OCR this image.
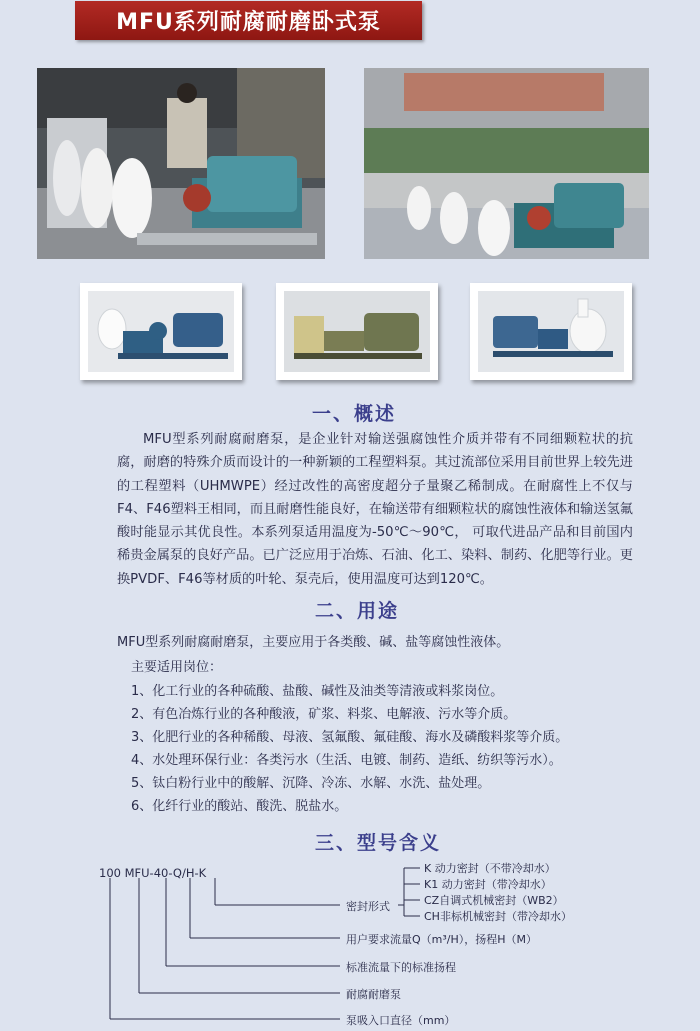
MFU系列耐腐耐磨卧式泵
一、概述

MFU型系列耐腐耐磨泵，是企业针对输送强腐蚀性介质并带有不同细颗粒状的抗腐，耐磨的特殊介质而设计的一种新颖的工程塑料泵。其过流部位采用目前世界上较先进的工程塑料（UHMWPE）经过改性的高密度超分子量聚乙稀制成。在耐腐性上不仅与F4、F46塑料王相同，而且耐磨性能良好，在输送带有细颗粒状的腐蚀性液体和输送氢氟酸时能显示其优良性。本系列泵适用温度为-50℃～90℃， 可取代进品产品和目前国内稀贵金属泵的良好产品。已广泛应用于冶炼、石油、化工、染料、制药、化肥等行业。更换PVDF、F46等材质的叶轮、泵壳后，使用温度可达到120℃。

二、用途
MFU型系列耐腐耐磨泵，主要应用于各类酸、碱、盐等腐蚀性液体。
主要适用岗位：
1、化工行业的各种硫酸、盐酸、碱性及油类等清液或料浆岗位。
2、有色冶炼行业的各种酸液，矿浆、料浆、电解液、污水等介质。
3、化肥行业的各种稀酸、母液、氢氟酸、氟硅酸、海水及磷酸料浆等介质。
4、水处理环保行业：各类污水（生活、电镀、制药、造纸、纺织等污水）。
5、钛白粉行业中的酸解、沉降、冷冻、水解、水洗、盐处理。
6、化纤行业的酸站、酸洗、脱盐水。
三、型号含义
100 MFU-40-Q/H-K	K 动力密封（不带冷却水）
K1 动力密封（带冷却水）
CZ自调式机械密封（WB2）
CH非标机械密封（带冷却水）
密封形式
用户要求流量Q（m³/H），扬程H（M）
标准流量下的标准扬程
耐腐耐磨泵
泵吸入口直径（mm）
